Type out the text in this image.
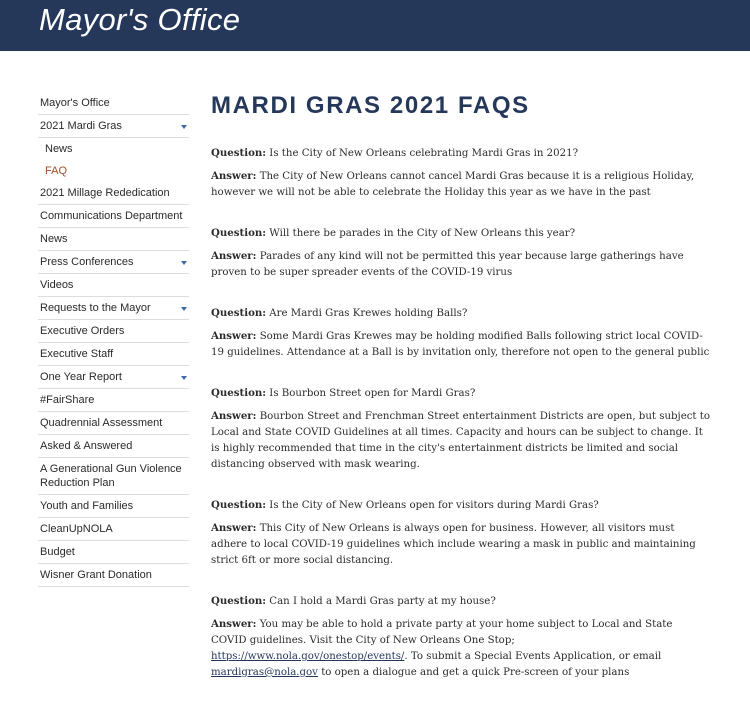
Mayor's Office
Mayor's Office
2021 Mardi Gras
News
FAQ
2021 Millage Rededication
Communications Department
News
Press Conferences
Videos
Requests to the Mayor
Executive Orders
Executive Staff
One Year Report
#FairShare
Quadrennial Assessment
Asked & Answered
A Generational Gun Violence Reduction Plan
Youth and Families
CleanUpNOLA
Budget
Wisner Grant Donation
MARDI GRAS 2021 FAQS
Question: Is the City of New Orleans celebrating Mardi Gras in 2021?
Answer: The City of New Orleans cannot cancel Mardi Gras because it is a religious Holiday, however we will not be able to celebrate the Holiday this year as we have in the past
Question: Will there be parades in the City of New Orleans this year?
Answer: Parades of any kind will not be permitted this year because large gatherings have proven to be super spreader events of the COVID-19 virus
Question: Are Mardi Gras Krewes holding Balls?
Answer: Some Mardi Gras Krewes may be holding modified Balls following strict local COVID-19 guidelines. Attendance at a Ball is by invitation only, therefore not open to the general public
Question: Is Bourbon Street open for Mardi Gras?
Answer: Bourbon Street and Frenchman Street entertainment Districts are open, but subject to Local and State COVID Guidelines at all times. Capacity and hours can be subject to change. It is highly recommended that time in the city's entertainment districts be limited and social distancing observed with mask wearing.
Question: Is the City of New Orleans open for visitors during Mardi Gras?
Answer: This City of New Orleans is always open for business. However, all visitors must adhere to local COVID-19 guidelines which include wearing a mask in public and maintaining strict 6ft or more social distancing.
Question: Can I hold a Mardi Gras party at my house?
Answer: You may be able to hold a private party at your home subject to Local and State COVID guidelines. Visit the City of New Orleans One Stop; https://www.nola.gov/onestop/events/. To submit a Special Events Application, or email mardigras@nola.gov to open a dialogue and get a quick Pre-screen of your plans
